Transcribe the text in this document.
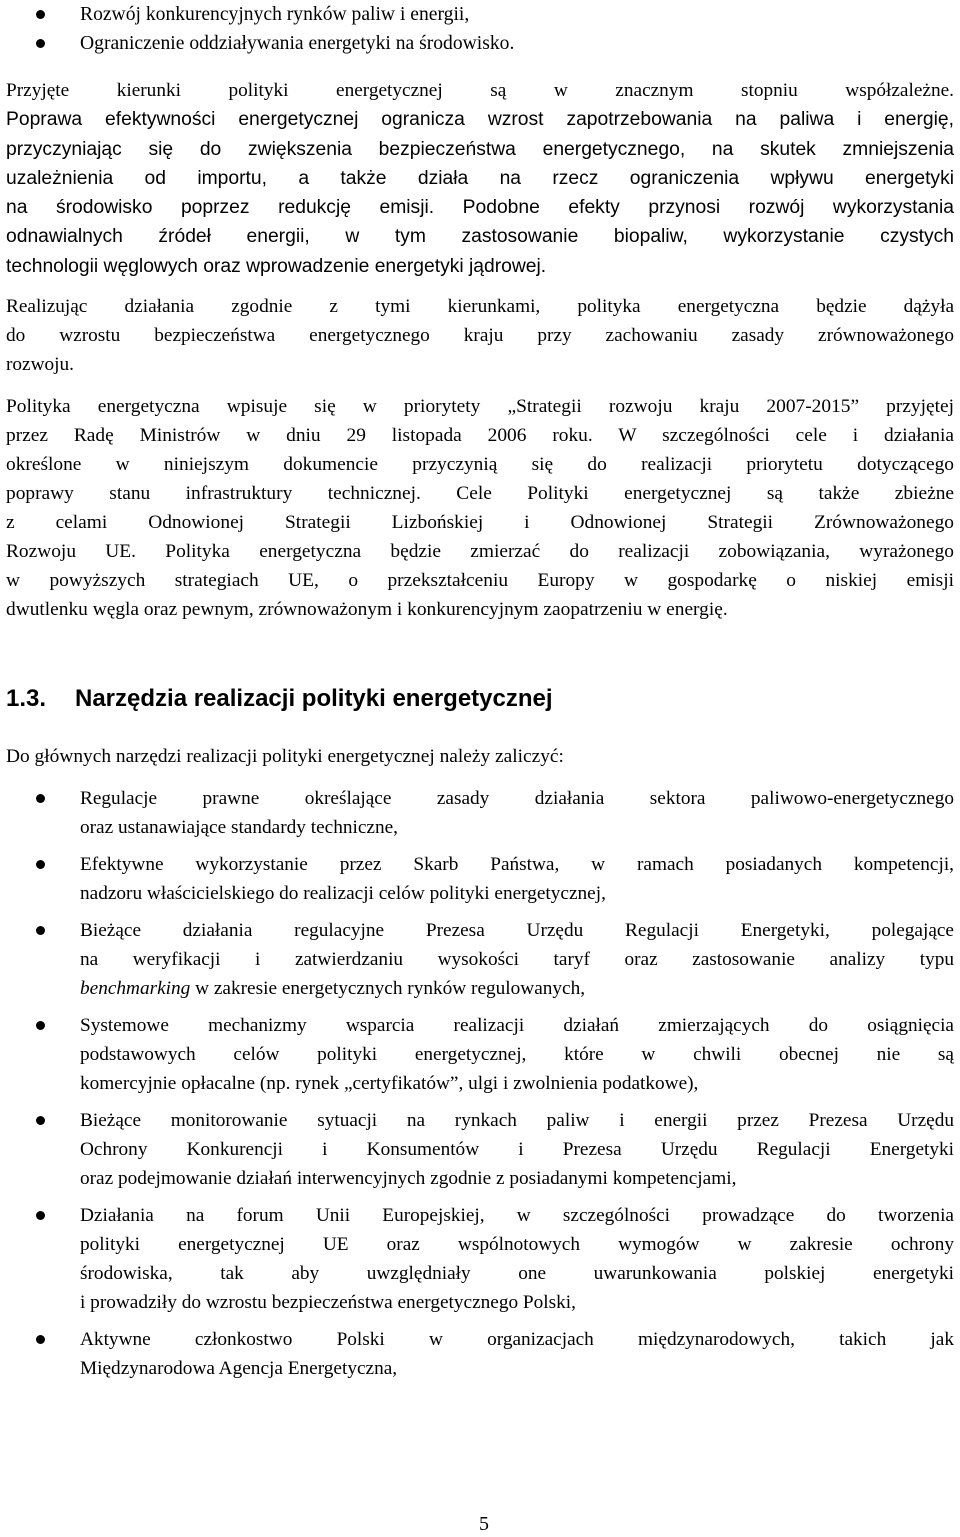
Rozwój konkurencyjnych rynków paliw i energii,
Ograniczenie oddziaływania energetyki na środowisko.
Przyjęte kierunki polityki energetycznej są w znacznym stopniu współzależne.
Poprawa efektywności energetycznej ogranicza wzrost zapotrzebowania na paliwa i energię,
przyczyniając się do zwiększenia bezpieczeństwa energetycznego, na skutek zmniejszenia
uzależnienia od importu, a także działa na rzecz ograniczenia wpływu energetyki
na środowisko poprzez redukcję emisji. Podobne efekty przynosi rozwój wykorzystania
odnawialnych źródeł energii, w tym zastosowanie biopaliw, wykorzystanie czystych
technologii węglowych oraz wprowadzenie energetyki jądrowej.
Realizując działania zgodnie z tymi kierunkami, polityka energetyczna będzie dążyła
do wzrostu bezpieczeństwa energetycznego kraju przy zachowaniu zasady zrównoważonego
rozwoju.
Polityka energetyczna wpisuje się w priorytety „Strategii rozwoju kraju 2007-2015” przyjętej
przez Radę Ministrów w dniu 29 listopada 2006 roku. W szczególności cele i działania
określone w niniejszym dokumencie przyczynią się do realizacji priorytetu dotyczącego
poprawy stanu infrastruktury technicznej. Cele Polityki energetycznej są także zbieżne
z celami Odnowionej Strategii Lizbońskiej i Odnowionej Strategii Zrównoważonego
Rozwoju UE. Polityka energetyczna będzie zmierzać do realizacji zobowiązania, wyrażonego
w powyższych strategiach UE, o przekształceniu Europy w gospodarkę o niskiej emisji
dwutlenku węgla oraz pewnym, zrównoważonym i konkurencyjnym zaopatrzeniu w energię.
1.3. Narzędzia realizacji polityki energetycznej
Do głównych narzędzi realizacji polityki energetycznej należy zaliczyć:
Regulacje prawne określające zasady działania sektora paliwowo-energetycznego
oraz ustanawiające standardy techniczne,
Efektywne wykorzystanie przez Skarb Państwa, w ramach posiadanych kompetencji,
nadzoru właścicielskiego do realizacji celów polityki energetycznej,
Bieżące działania regulacyjne Prezesa Urzędu Regulacji Energetyki, polegające
na weryfikacji i zatwierdzaniu wysokości taryf oraz zastosowanie analizy typu
benchmarking w zakresie energetycznych rynków regulowanych,
Systemowe mechanizmy wsparcia realizacji działań zmierzających do osiągnięcia
podstawowych celów polityki energetycznej, które w chwili obecnej nie są
komercyjnie opłacalne (np. rynek „certyfikatów”, ulgi i zwolnienia podatkowe),
Bieżące monitorowanie sytuacji na rynkach paliw i energii przez Prezesa Urzędu
Ochrony Konkurencji i Konsumentów i Prezesa Urzędu Regulacji Energetyki
oraz podejmowanie działań interwencyjnych zgodnie z posiadanymi kompetencjami,
Działania na forum Unii Europejskiej, w szczególności prowadzące do tworzenia
polityki energetycznej UE oraz wspólnotowych wymogów w zakresie ochrony
środowiska, tak aby uwzględniały one uwarunkowania polskiej energetyki
i prowadziły do wzrostu bezpieczeństwa energetycznego Polski,
Aktywne członkostwo Polski w organizacjach międzynarodowych, takich jak
Międzynarodowa Agencja Energetyczna,
5
